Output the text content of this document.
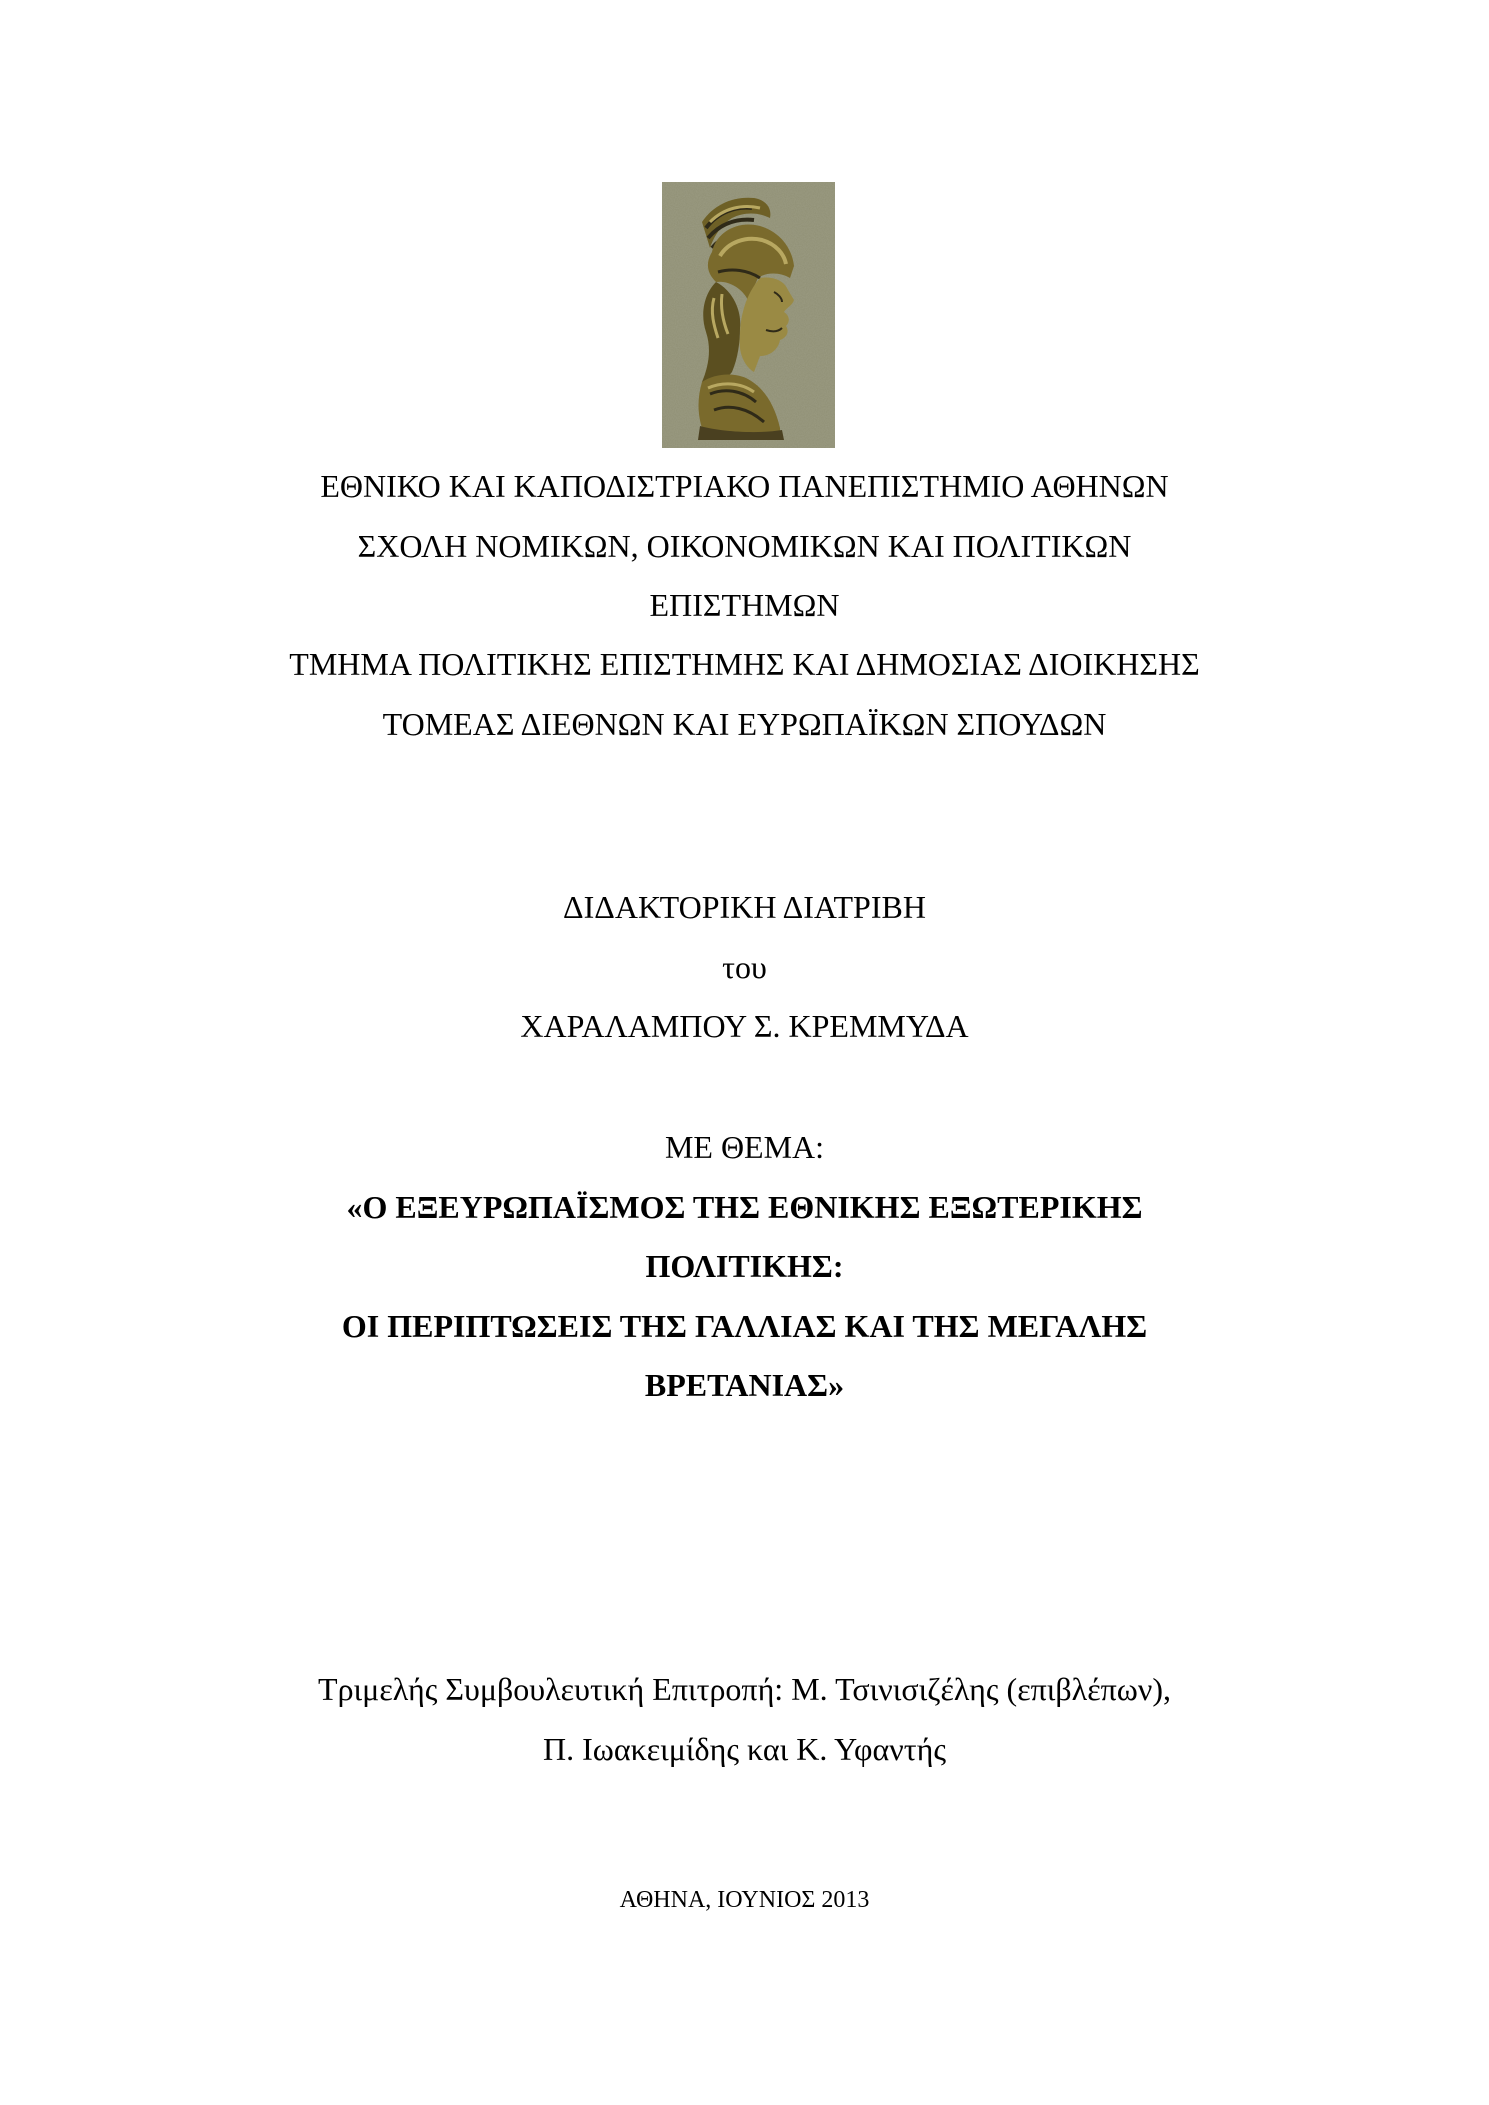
ΕΘΝΙΚΟ ΚΑΙ ΚΑΠΟΔΙΣΤΡΙΑΚΟ ΠΑΝΕΠΙΣΤΗΜΙΟ ΑΘΗΝΩΝ
ΣΧΟΛΗ ΝΟΜΙΚΩΝ, ΟΙΚΟΝΟΜΙΚΩΝ ΚΑΙ ΠΟΛΙΤΙΚΩΝ
ΕΠΙΣΤΗΜΩΝ
ΤΜΗΜΑ ΠΟΛΙΤΙΚΗΣ ΕΠΙΣΤΗΜΗΣ ΚΑΙ ΔΗΜΟΣΙΑΣ ΔΙΟΙΚΗΣΗΣ
ΤΟΜΕΑΣ ΔΙΕΘΝΩΝ ΚΑΙ ΕΥΡΩΠΑΪΚΩΝ ΣΠΟΥΔΩΝ
ΔΙΔΑΚΤΟΡΙΚΗ ΔΙΑΤΡΙΒΗ
του
ΧΑΡΑΛΑΜΠΟΥ Σ. ΚΡΕΜΜΥΔΑ
ΜΕ ΘΕΜΑ:
«Ο ΕΞΕΥΡΩΠΑΪΣΜΟΣ ΤΗΣ ΕΘΝΙΚΗΣ ΕΞΩΤΕΡΙΚΗΣ
ΠΟΛΙΤΙΚΗΣ:
ΟΙ ΠΕΡΙΠΤΩΣΕΙΣ ΤΗΣ ΓΑΛΛΙΑΣ ΚΑΙ ΤΗΣ ΜΕΓΑΛΗΣ
ΒΡΕΤΑΝΙΑΣ»
Τριμελής Συμβουλευτική Επιτροπή: Μ. Τσινισιζέλης (επιβλέπων),
Π. Ιωακειμίδης και Κ. Υφαντής
ΑΘΗΝΑ, ΙΟΥΝΙΟΣ 2013
